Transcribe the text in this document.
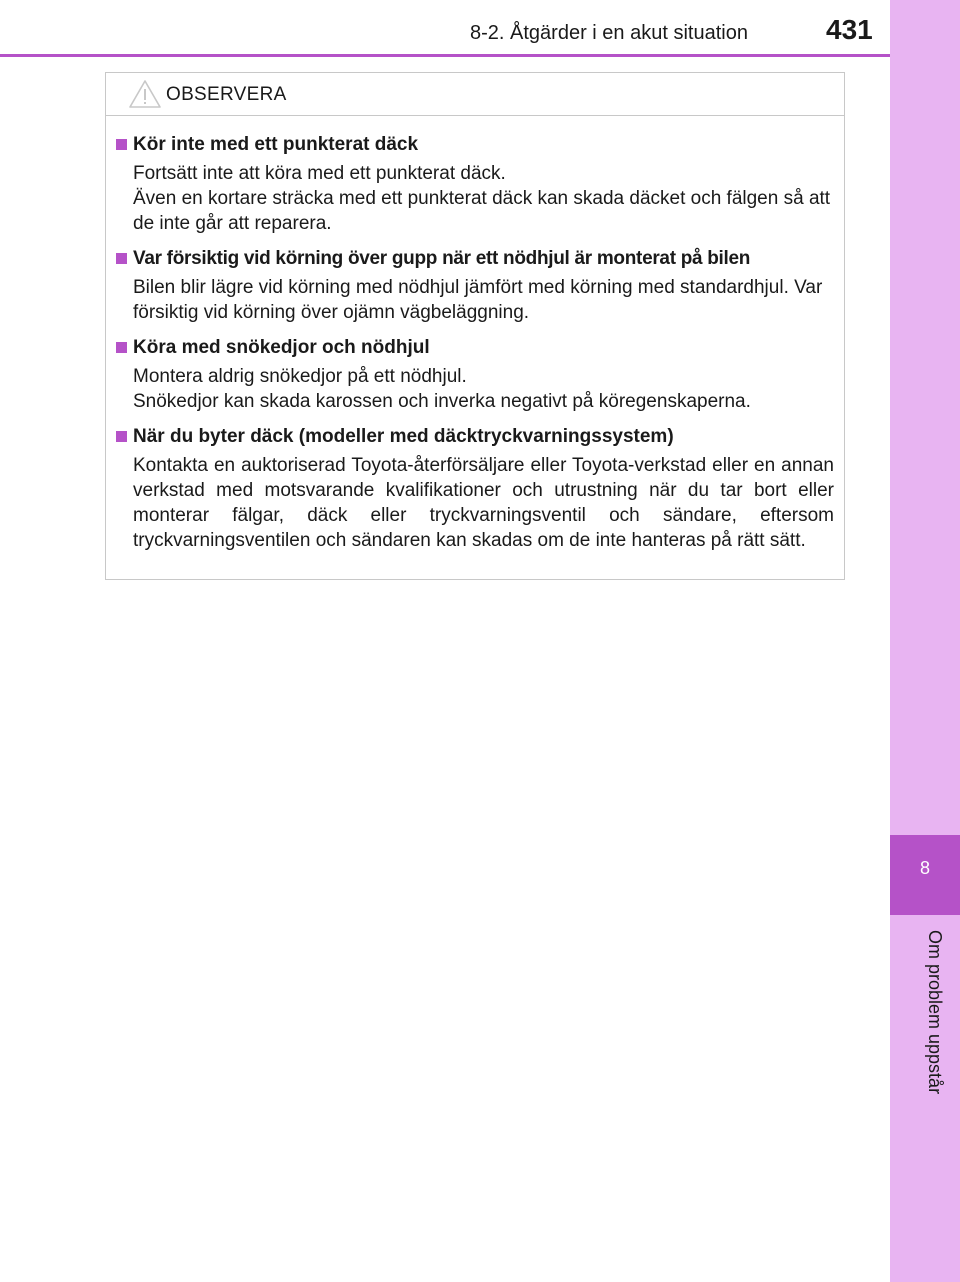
8
Om problem uppstår
8-2. Åtgärder i en akut situation	431
OBSERVERA
Kör inte med ett punkterat däck
Fortsätt inte att köra med ett punkterat däck.
Även en kortare sträcka med ett punkterat däck kan skada däcket och fälgen så att de inte går att reparera.
Var försiktig vid körning över gupp när ett nödhjul är monterat på bilen
Bilen blir lägre vid körning med nödhjul jämfört med körning med standardhjul. Var försiktig vid körning över ojämn vägbeläggning.
Köra med snökedjor och nödhjul
Montera aldrig snökedjor på ett nödhjul.
Snökedjor kan skada karossen och inverka negativt på köregenskaperna.
När du byter däck (modeller med däcktryckvarningssystem)
Kontakta en auktoriserad Toyota-återförsäljare eller Toyota-verkstad eller en annan verkstad med motsvarande kvalifikationer och utrustning när du tar bort eller monterar fälgar, däck eller tryckvarningsventil och sändare, eftersom tryckvarningsventilen och sändaren kan skadas om de inte hanteras på rätt sätt.
